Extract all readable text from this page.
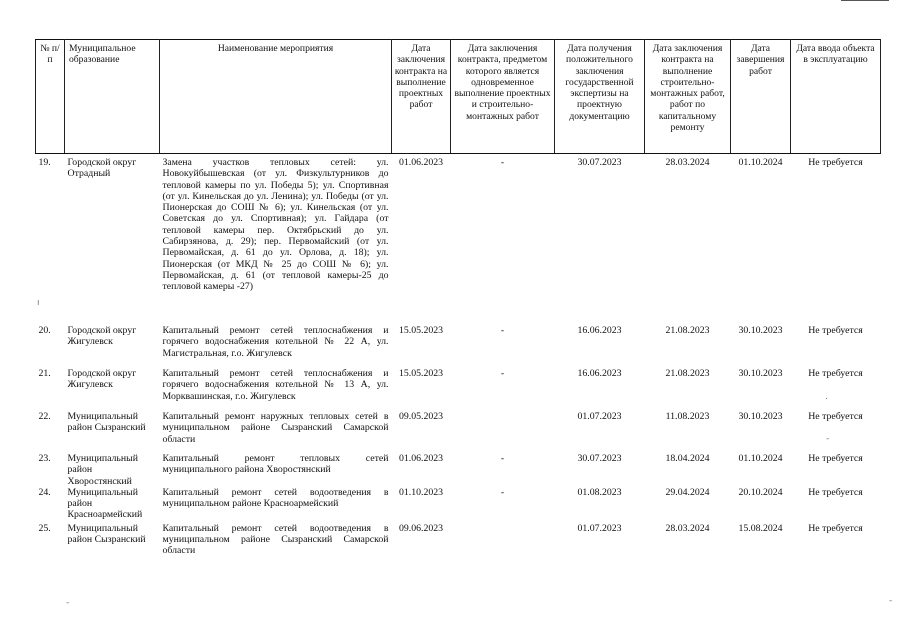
№ п/п	Муниципальное образование	Наименование мероприятия	Дата заключения контракта на выполнение проектных работ	Дата заключения контракта, предметом которого является одновременное выполнение проектных и строительно-монтажных работ	Дата получения положительного заключения государственной экспертизы на проектную документацию	Дата заключения контракта на выполнение строительно-монтажных работ, работ по капитальному ремонту	Дата завершения работ	Дата ввода объекта в эксплуатацию
19.	Городской округ Отрадный	Замена участков тепловых сетей: ул. Новокуйбышевская (от ул. Физкультурников до тепловой камеры по ул. Победы 5); ул. Спортивная (от ул. Кинельская до ул. Ленина); ул. Победы (от ул. Пионерская до СОШ № 6); ул. Кинельская (от ул. Советская до ул. Спортивная); ул. Гайдара (от тепловой камеры пер. Октябрьский до ул. Сабирзянова, д. 29); пер. Первомайский (от ул. Первомайская, д. 61 до ул. Орлова, д. 18); ул. Пионерская (от МКД № 25 до СОШ № 6); ул. Первомайская, д. 61 (от тепловой камеры-25 до тепловой камеры -27)	01.06.2023	-	30.07.2023	28.03.2024	01.10.2024	Не требуется
20.	Городской округ Жигулевск	Капитальный ремонт сетей теплоснабжения и горячего водоснабжения котельной № 22 А, ул. Магистральная, г.о. Жигулевск	15.05.2023	-	16.06.2023	21.08.2023	30.10.2023	Не требуется
21.	Городской округ Жигулевск	Капитальный ремонт сетей теплоснабжения и горячего водоснабжения котельной № 13 А, ул. Морквашинская, г.о. Жигулевск	15.05.2023	-	16.06.2023	21.08.2023	30.10.2023	Не требуется
22.	Муниципальный район Сызранский	Капитальный ремонт наружных тепловых сетей в муниципальном районе Сызранский Самарской области	09.05.2023		01.07.2023	11.08.2023	30.10.2023	Не требуется
23.	Муниципальный район Хворостянский	Капитальный ремонт тепловых сетей муниципального района Хворостянский	01.06.2023	-	30.07.2023	18.04.2024	01.10.2024	Не требуется
24.	Муниципальный район Красноармейский	Капитальный ремонт сетей водоотведения в муниципальном районе Красноармейский	01.10.2023	-	01.08.2023	29.04.2024	20.10.2024	Не требуется
25.	Муниципальный район Сызранский	Капитальный ремонт сетей водоотведения в муниципальном районе Сызранский Самарской области	09.06.2023		01.07.2023	28.03.2024	15.08.2024	Не требуется
ı
.
-
-
-
